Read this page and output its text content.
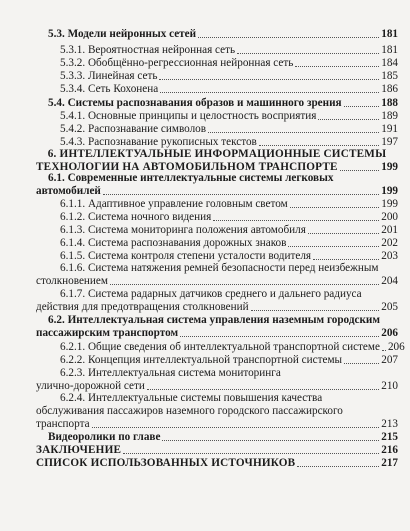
5.3. Модели нейронных сетей	181
5.3.1. Вероятностная нейронная сеть	181
5.3.2. Обобщённо-регрессионная нейронная сеть	184
5.3.3. Линейная сеть	185
5.3.4. Сеть Кохонена	186
5.4. Системы распознавания образов и машинного зрения	188
5.4.1. Основные принципы и целостность восприятия	189
5.4.2. Распознавание символов	191
5.4.3. Распознавание рукописных текстов	197
6. ИНТЕЛЛЕКТУАЛЬНЫЕ ИНФОРМАЦИОННЫЕ СИСТЕМЫ
ТЕХНОЛОГИИ НА АВТОМОБИЛЬНОМ ТРАНСПОРТЕ	199
6.1. Современные интеллектуальные системы легковых
автомобилей	199
6.1.1. Адаптивное управление головным светом	199
6.1.2. Система ночного видения	200
6.1.3. Система мониторинга положения автомобиля	201
6.1.4. Система распознавания дорожных знаков	202
6.1.5. Система контроля степени усталости водителя	203
6.1.6. Система натяжения ремней безопасности перед неизбежным
столкновением	204
6.1.7. Система радарных датчиков среднего и дальнего радиуса
действия для предотвращения столкновений	205
6.2. Интеллектуальная система управления наземным городским
пассажирским транспортом	206
6.2.1. Общие сведения об интеллектуальной транспортной системе 206
6.2.2. Концепция интеллектуальной транспортной системы	207
6.2.3. Интеллектуальная система мониторинга
улично-дорожной сети	210
6.2.4. Интеллектуальные системы повышения качества
обслуживания пассажиров наземного городского пассажирского
транспорта	213
Видеоролики по главе	215
ЗАКЛЮЧЕНИЕ	216
СПИСОК ИСПОЛЬЗОВАННЫХ ИСТОЧНИКОВ	217
